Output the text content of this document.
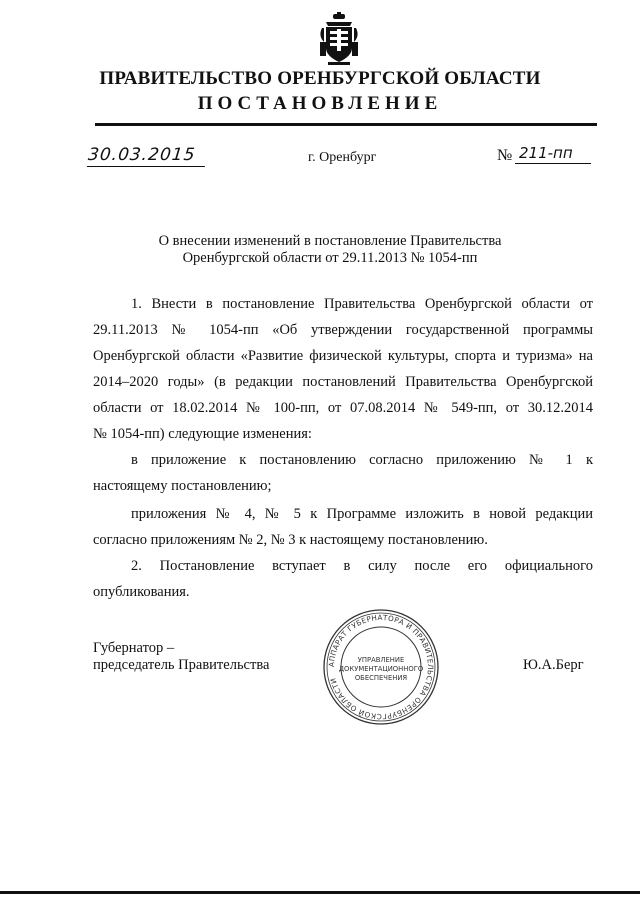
ПРАВИТЕЛЬСТВО ОРЕНБУРГСКОЙ ОБЛАСТИ
ПОСТАНОВЛЕНИЕ
30.03.2015	г. Оренбург	№ 211-пп
О внесении изменений в постановление Правительства
Оренбургской области от 29.11.2013 № 1054-пп
1. Внести в постановление Правительства Оренбургской области от
29.11.2013 № 1054-пп «Об утверждении государственной программы
Оренбургской области «Развитие физической культуры, спорта и туризма» на
2014–2020 годы» (в редакции постановлений Правительства Оренбургской
области от 18.02.2014 № 100-пп, от 07.08.2014 № 549-пп, от 30.12.2014
№ 1054-пп) следующие изменения:
в приложение к постановлению согласно приложению № 1 к
настоящему постановлению;
приложения № 4, № 5 к Программе изложить в новой редакции
согласно приложениям № 2, № 3 к настоящему постановлению.
2. Постановление вступает в силу после его официального
опубликования.
Губернатор –
председатель Правительства	Ю.А.Берг
АППАРАТ ГУБЕРНАТОРА И ПРАВИТЕЛЬСТВА ОРЕНБУРГСКОЙ ОБЛАСТИ
УПРАВЛЕНИЕ
ДОКУМЕНТАЦИОННОГО
ОБЕСПЕЧЕНИЯ
